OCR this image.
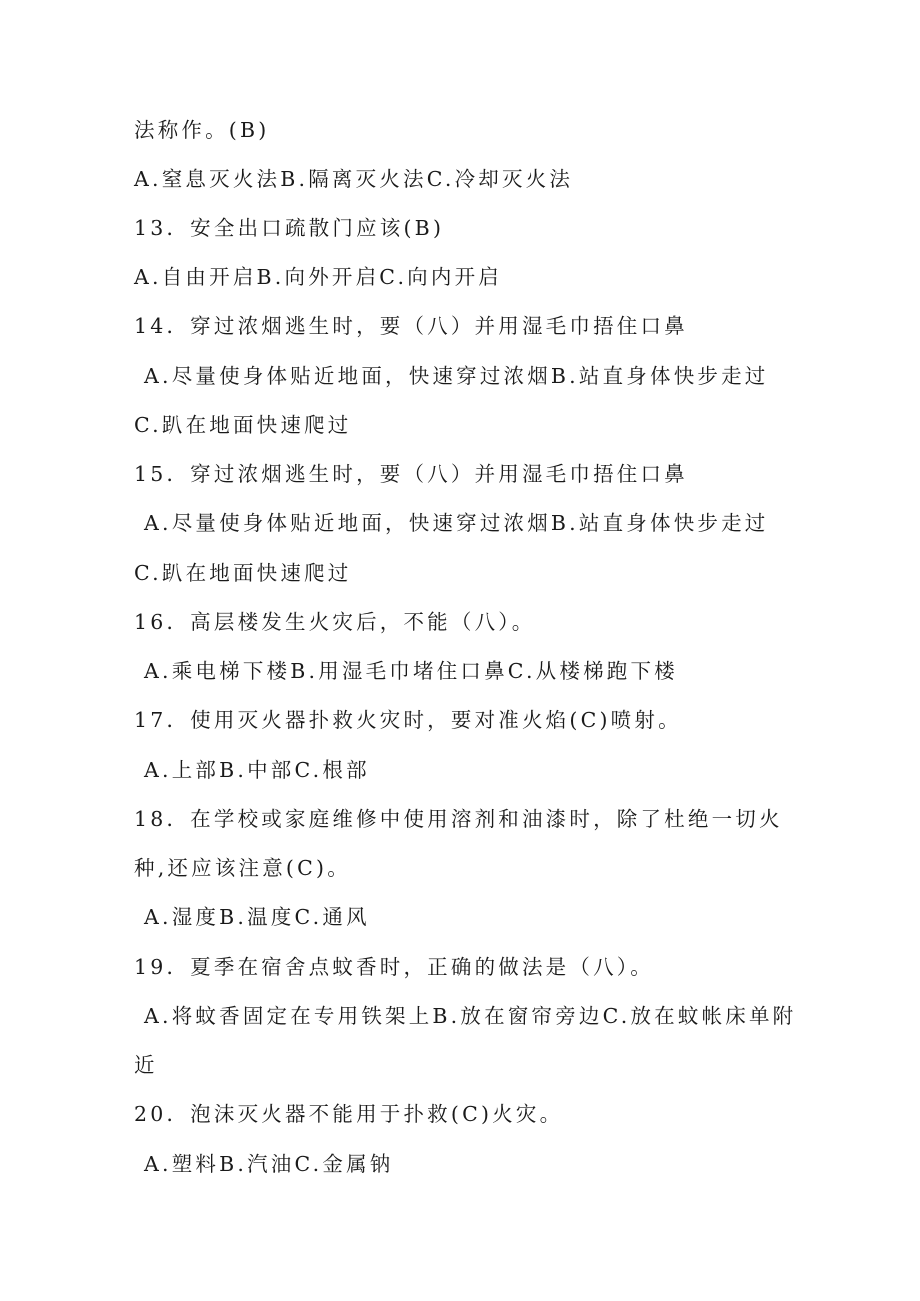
法称作。(B)
A.窒息灭火法B.隔离灭火法C.冷却灭火法
13．安全出口疏散门应该(B)
A.自由开启B.向外开启C.向内开启
14．穿过浓烟逃生时，要（八）并用湿毛巾捂住口鼻
A.尽量使身体贴近地面，快速穿过浓烟B.站直身体快步走过
C.趴在地面快速爬过
15．穿过浓烟逃生时，要（八）并用湿毛巾捂住口鼻
A.尽量使身体贴近地面，快速穿过浓烟B.站直身体快步走过
C.趴在地面快速爬过
16．高层楼发生火灾后，不能（八）。
A.乘电梯下楼B.用湿毛巾堵住口鼻C.从楼梯跑下楼
17．使用灭火器扑救火灾时，要对准火焰(C)喷射。
A.上部B.中部C.根部
18．在学校或家庭维修中使用溶剂和油漆时，除了杜绝一切火
种,还应该注意(C)。
A.湿度B.温度C.通风
19．夏季在宿舍点蚊香时，正确的做法是（八）。
A.将蚊香固定在专用铁架上B.放在窗帘旁边C.放在蚊帐床单附
近
20．泡沫灭火器不能用于扑救(C)火灾。
A.塑料B.汽油C.金属钠
